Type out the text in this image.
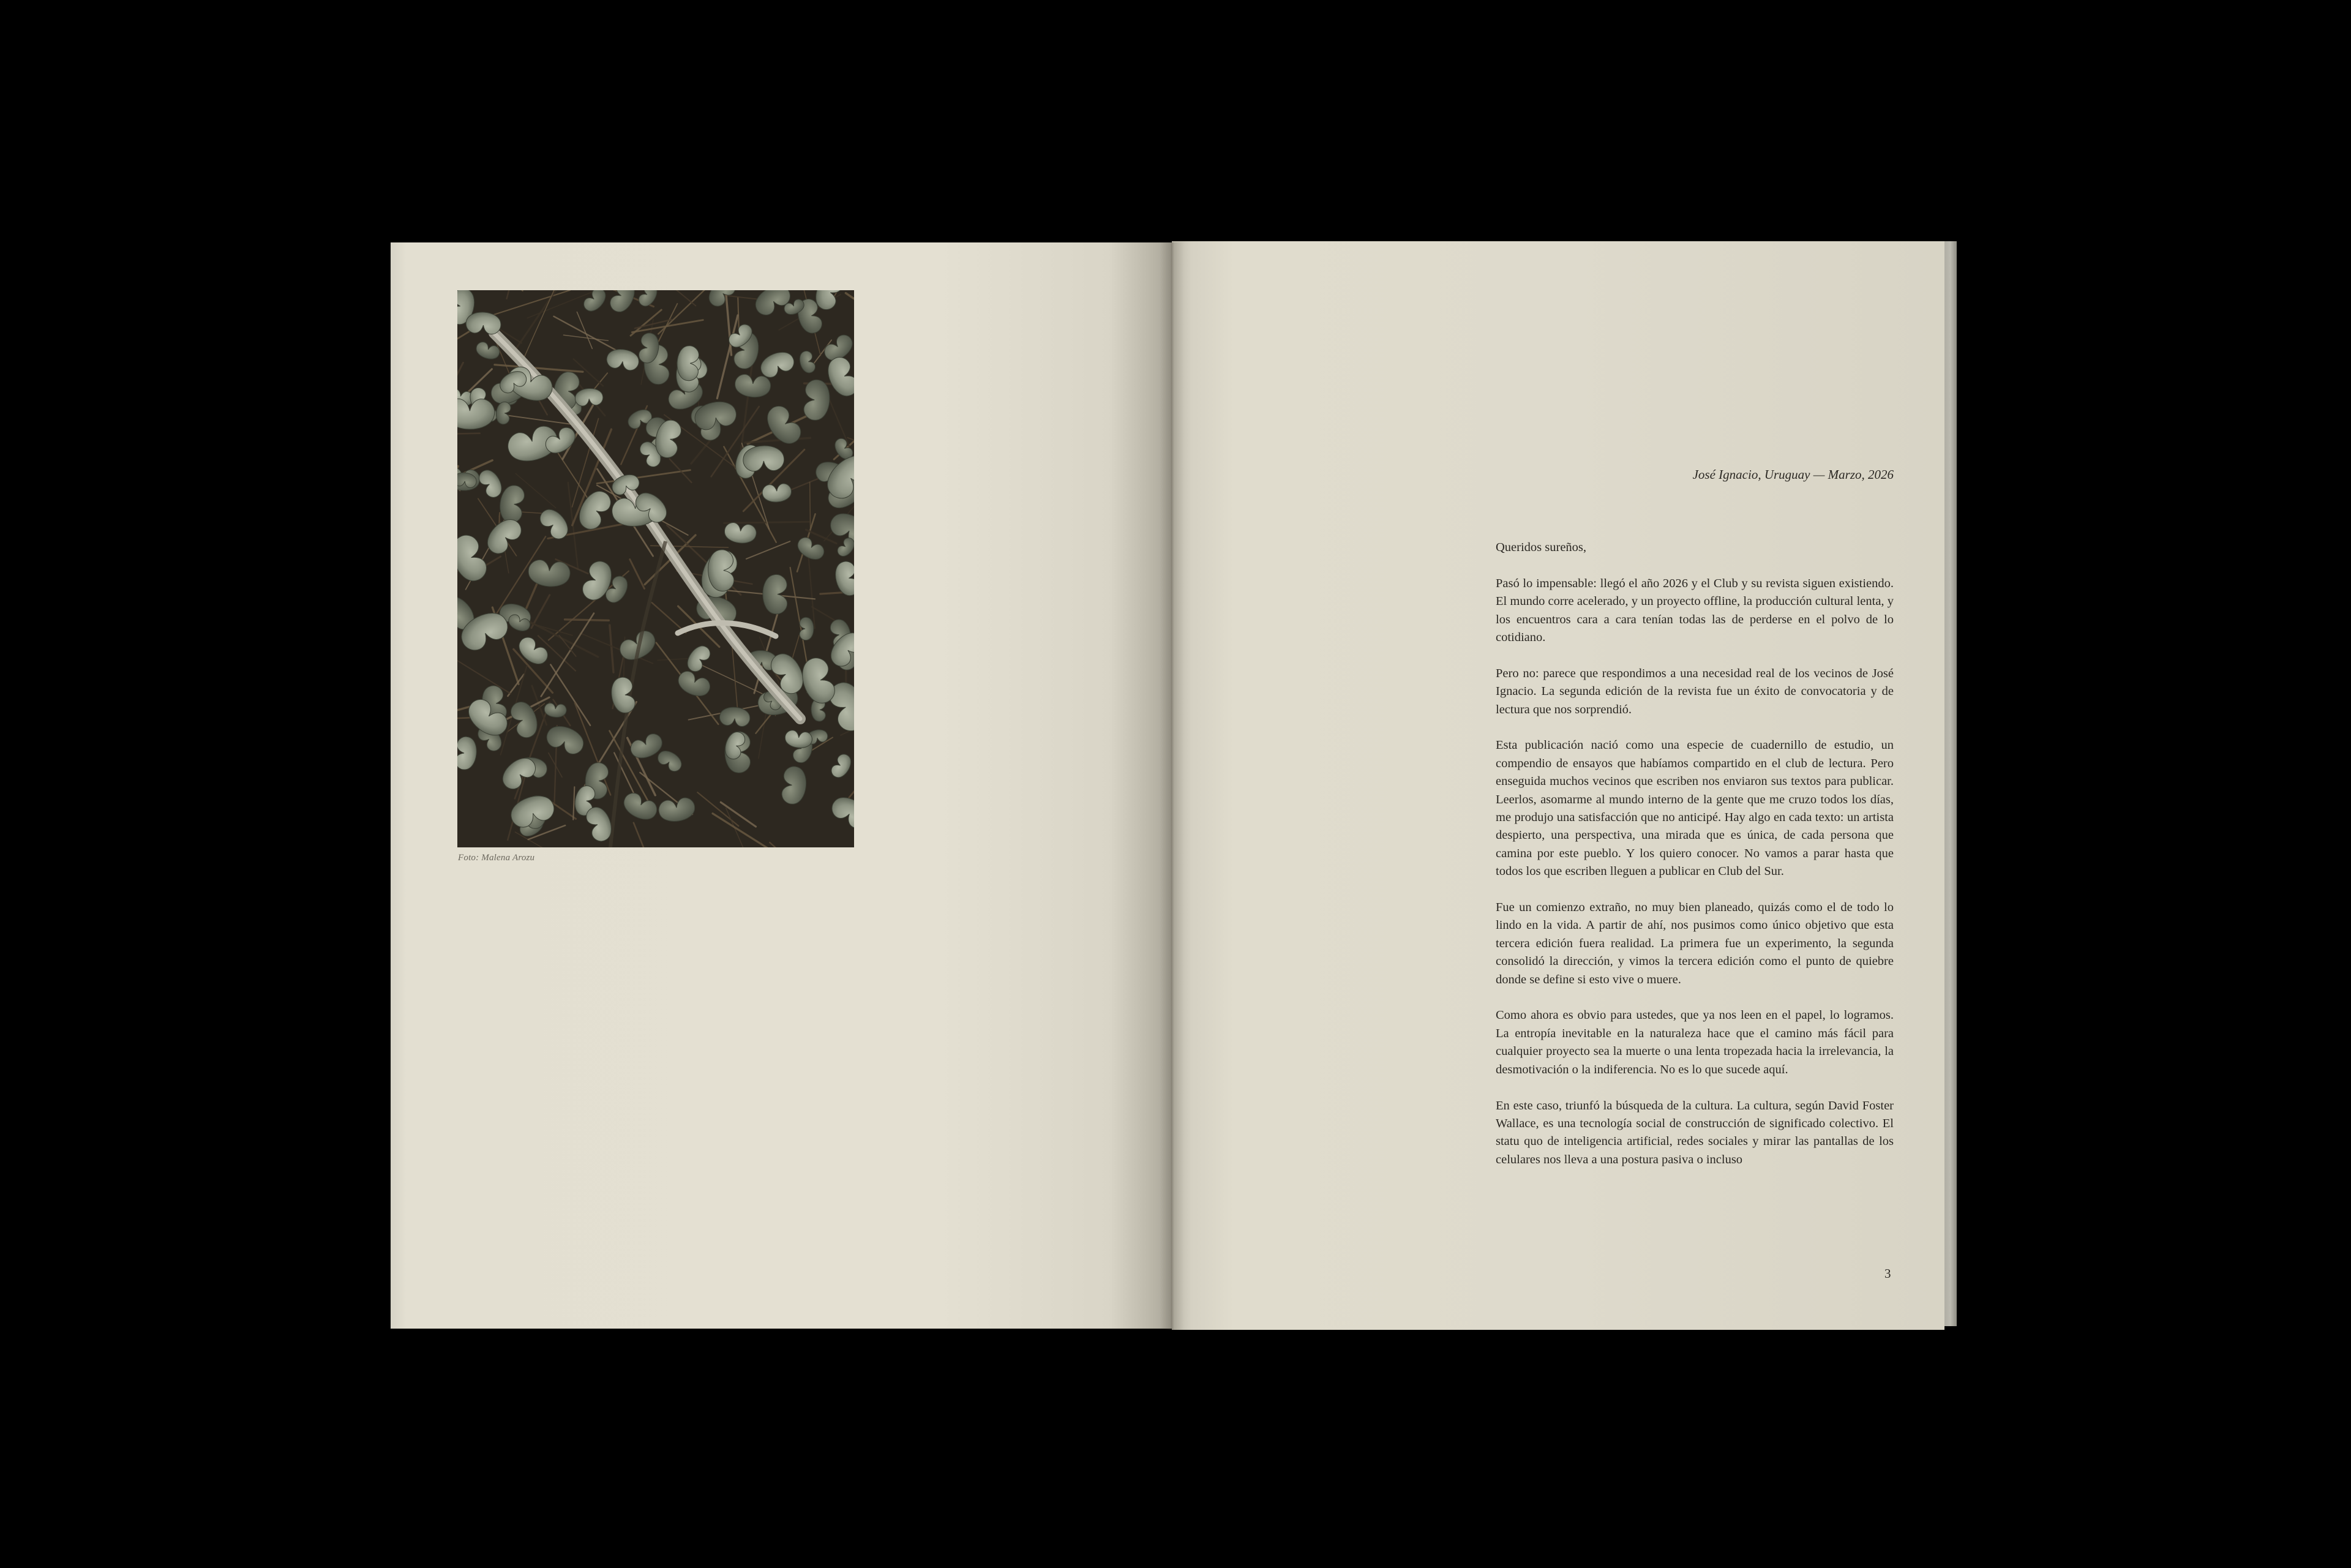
Foto: Malena Arozu
José Ignacio, Uruguay — Marzo, 2026

Queridos sureños,

Pasó lo impensable: llegó el año 2026 y el Club y su revista siguen existiendo. El mundo corre acelerado, y un proyecto offline, la producción cultural lenta, y los encuentros cara a cara tenían todas las de perderse en el polvo de lo cotidiano.

Pero no: parece que respondimos a una necesidad real de los vecinos de José Ignacio. La segunda edición de la revista fue un éxito de convocatoria y de lectura que nos sorprendió.

Esta publicación nació como una especie de cuadernillo de estudio, un compendio de ensayos que habíamos compartido en el club de lectura. Pero enseguida muchos vecinos que escriben nos enviaron sus textos para publicar. Leerlos, asomarme al mundo interno de la gente que me cruzo todos los días, me produjo una satisfacción que no anticipé. Hay algo en cada texto: un artista despierto, una perspectiva, una mirada que es única, de cada persona que camina por este pueblo. Y los quiero conocer. No vamos a parar hasta que todos los que escriben lleguen a publicar en Club del Sur.

Fue un comienzo extraño, no muy bien planeado, quizás como el de todo lo lindo en la vida. A partir de ahí, nos pusimos como único objetivo que esta tercera edición fuera realidad. La primera fue un experimento, la segunda consolidó la dirección, y vimos la tercera edición como el punto de quiebre donde se define si esto vive o muere.

Como ahora es obvio para ustedes, que ya nos leen en el papel, lo logramos. La entropía inevitable en la naturaleza hace que el camino más fácil para cualquier proyecto sea la muerte o una lenta tropezada hacia la irrelevancia, la desmotivación o la indiferencia. No es lo que sucede aquí.

En este caso, triunfó la búsqueda de la cultura. La cultura, según David Foster Wallace, es una tecnología social de construcción de significado colectivo. El statu quo de inteligencia artificial, redes sociales y mirar las pantallas de los celulares nos lleva a una postura pasiva o incluso

3
